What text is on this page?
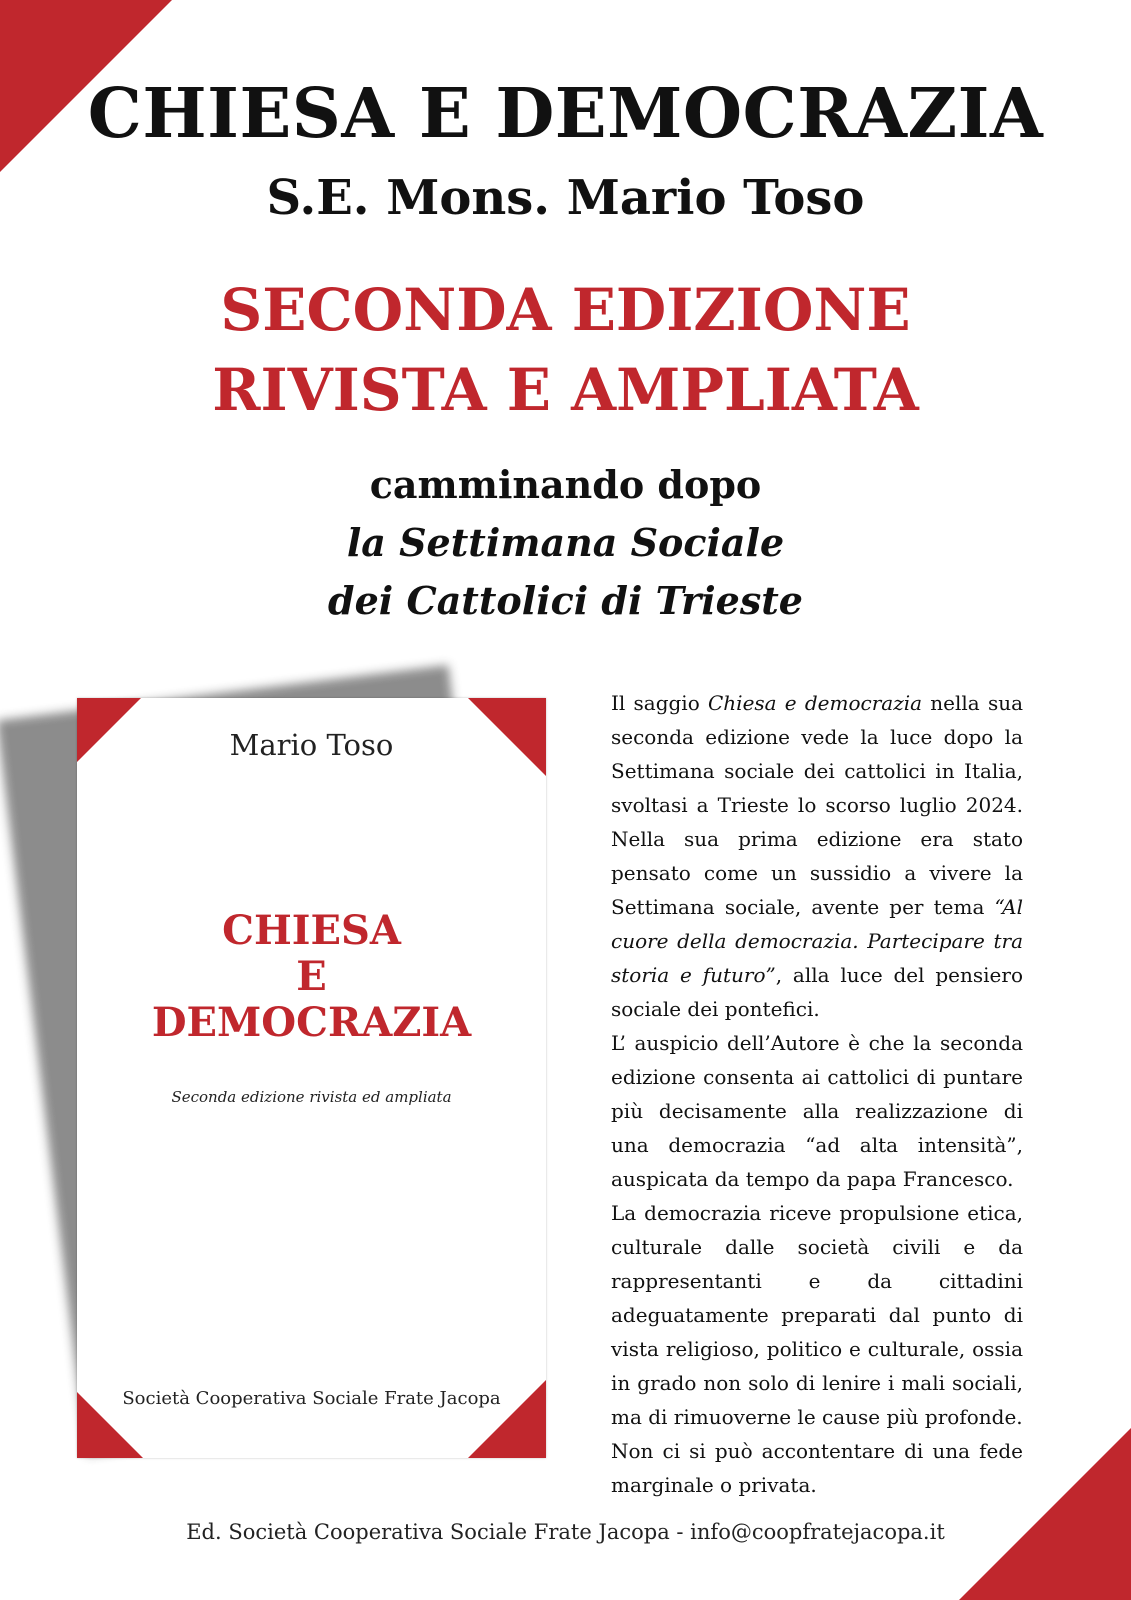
CHIESA E DEMOCRAZIA
S.E. Mons. Mario Toso
SECONDA EDIZIONE
RIVISTA E AMPLIATA
camminando dopo
la Settimana Sociale
dei Cattolici di Trieste
Mario Toso
CHIESA
E
DEMOCRAZIA
Seconda edizione rivista ed ampliata
Società Cooperativa Sociale Frate Jacopa

Il saggio Chiesa e democrazia nella sua seconda edizione vede la luce dopo la Settimana sociale dei cattolici in Italia, svoltasi a Trieste lo scorso luglio 2024. Nella sua prima edizione era stato pensato come un sussidio a vivere la Settimana sociale, avente per tema “Al cuore della democrazia. Partecipare tra storia e futuro”, alla luce del pensiero sociale dei pontefici.

L’ auspicio dell’Autore è che la seconda edizione consenta ai cattolici di puntare più decisamente alla realizzazione di una democrazia “ad alta intensità”, auspicata da tempo da papa Francesco.

La democrazia riceve propulsione etica, culturale dalle società civili e da rappresentanti e da cittadini adeguatamente preparati dal punto di vista religioso, politico e culturale, ossia in grado non solo di lenire i mali sociali, ma di rimuoverne le cause più profonde.

Non ci si può accontentare di una fede marginale o privata.

Ed. Società Cooperativa Sociale Frate Jacopa - info@coopfratejacopa.it
